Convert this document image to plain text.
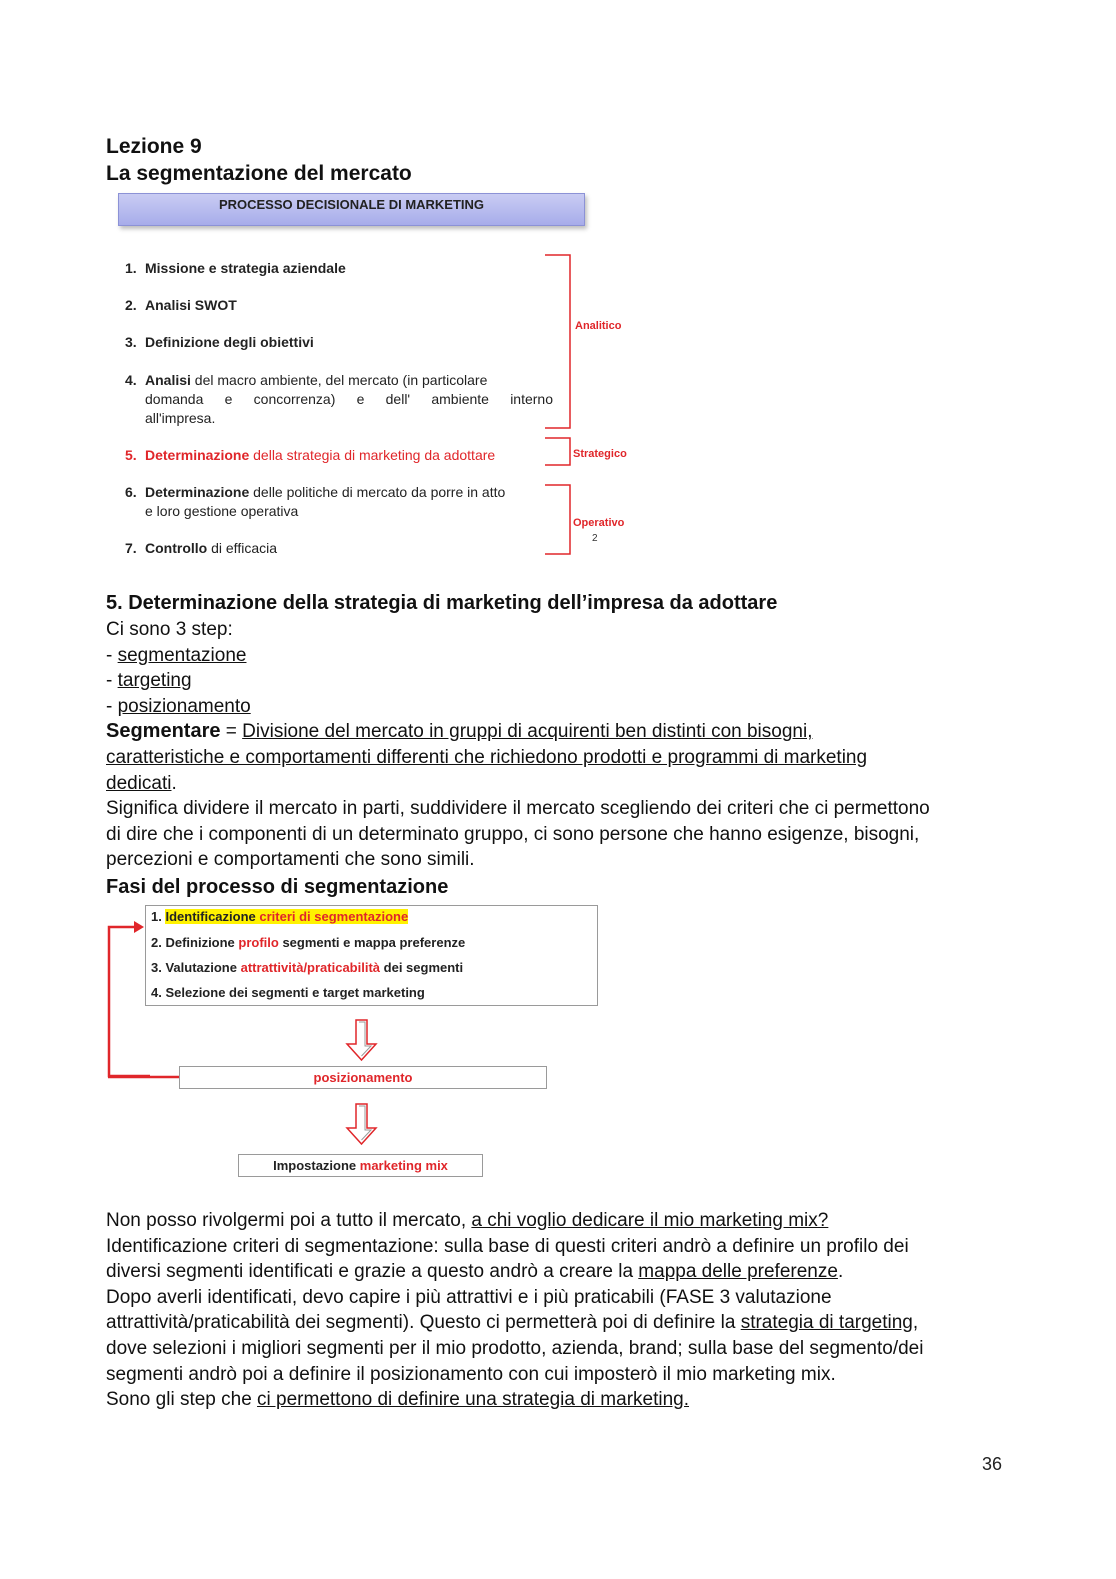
Lezione 9
La segmentazione del mercato
PROCESSO DECISIONALE DI MARKETING
1. Missione e strategia aziendale
2. Analisi SWOT
3. Definizione degli obiettivi
4. Analisi del macro ambiente, del mercato (in particolare
domanda e concorrenza) e dell' ambiente interno
all'impresa.
5. Determinazione della strategia di marketing da adottare
6. Determinazione delle politiche di mercato da porre in atto
e loro gestione operativa
7. Controllo di efficacia
Analitico
Strategico
Operativo
2
5. Determinazione della strategia di marketing dell’impresa da adottare
Ci sono 3 step:
- segmentazione
- targeting
- posizionamento
Segmentare = Divisione del mercato in gruppi di acquirenti ben distinti con bisogni,
caratteristiche e comportamenti differenti che richiedono prodotti e programmi di marketing
dedicati.
Significa dividere il mercato in parti, suddividere il mercato scegliendo dei criteri che ci permettono
di dire che i componenti di un determinato gruppo, ci sono persone che hanno esigenze, bisogni,
percezioni e comportamenti che sono simili.
Fasi del processo di segmentazione
1. Identificazione criteri di segmentazione
2. Definizione profilo segmenti e mappa preferenze
3. Valutazione attrattività/praticabilità dei segmenti
4. Selezione dei segmenti e target marketing
posizionamento
Impostazione marketing mix
Non posso rivolgermi poi a tutto il mercato, a chi voglio dedicare il mio marketing mix?
Identificazione criteri di segmentazione: sulla base di questi criteri andrò a definire un profilo dei
diversi segmenti identificati e grazie a questo andrò a creare la mappa delle preferenze.
Dopo averli identificati, devo capire i più attrattivi e i più praticabili (FASE 3 valutazione
attrattività/praticabilità dei segmenti). Questo ci permetterà poi di definire la strategia di targeting,
dove selezioni i migliori segmenti per il mio prodotto, azienda, brand; sulla base del segmento/dei
segmenti andrò poi a definire il posizionamento con cui imposterò il mio marketing mix.
Sono gli step che ci permettono di definire una strategia di marketing.
36
